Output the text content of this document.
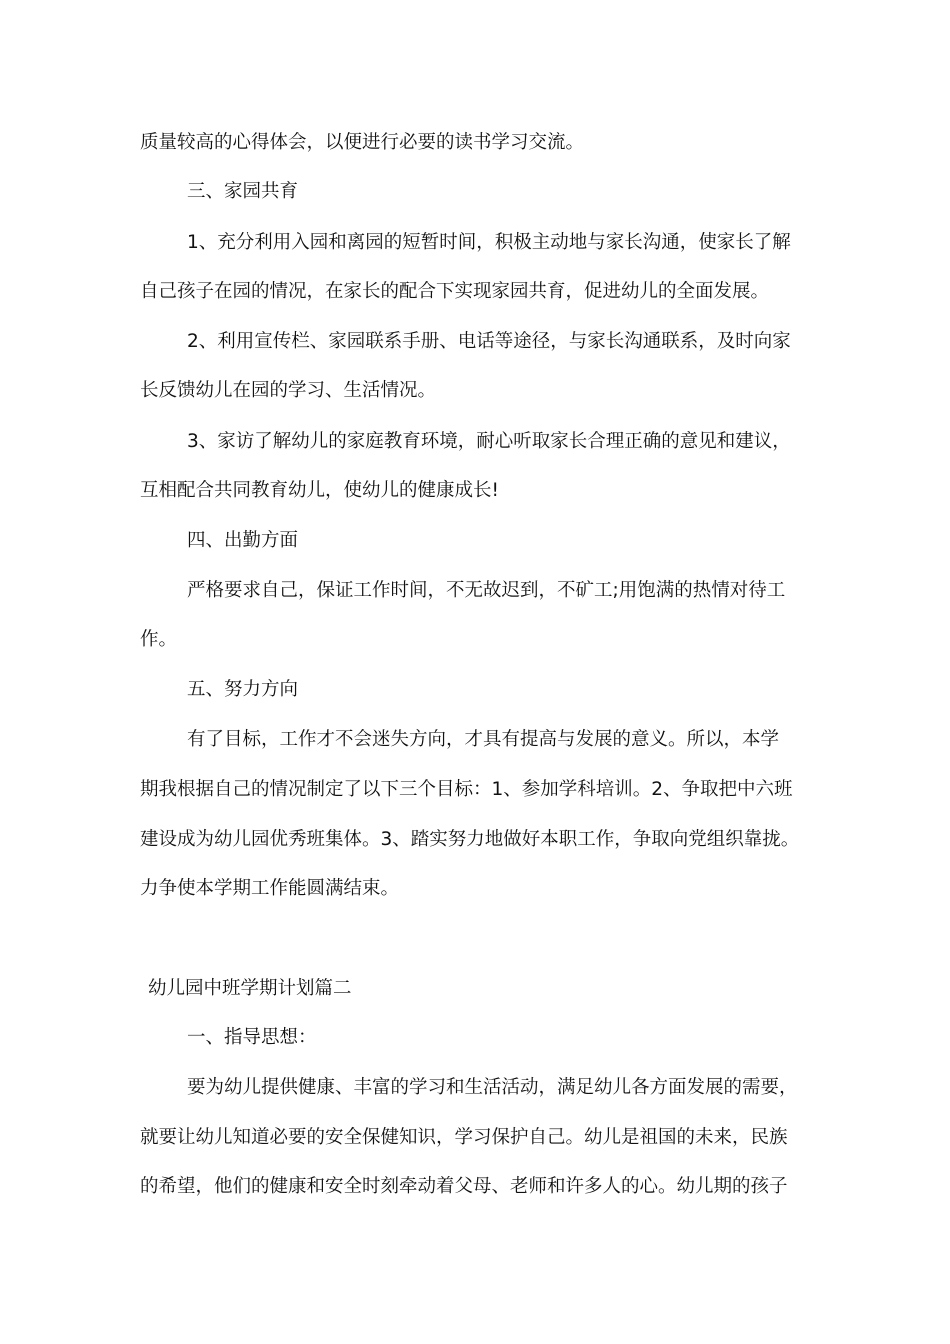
质量较高的心得体会，以便进行必要的读书学习交流。
三、家园共育
1、充分利用入园和离园的短暂时间，积极主动地与家长沟通，使家长了解
自己孩子在园的情况，在家长的配合下实现家园共育，促进幼儿的全面发展。
2、利用宣传栏、家园联系手册、电话等途径，与家长沟通联系，及时向家
长反馈幼儿在园的学习、生活情况。
3、家访了解幼儿的家庭教育环境，耐心听取家长合理正确的意见和建议，
互相配合共同教育幼儿，使幼儿的健康成长!
四、出勤方面
严格要求自己，保证工作时间，不无故迟到，不矿工;用饱满的热情对待工
作。
五、努力方向
有了目标，工作才不会迷失方向，才具有提高与发展的意义。所以，本学
期我根据自己的情况制定了以下三个目标：1、参加学科培训。2、争取把中六班
建设成为幼儿园优秀班集体。3、踏实努力地做好本职工作，争取向党组织靠拢。
力争使本学期工作能圆满结束。
幼儿园中班学期计划篇二
一、指导思想：
要为幼儿提供健康、丰富的学习和生活活动，满足幼儿各方面发展的需要，
就要让幼儿知道必要的安全保健知识，学习保护自己。幼儿是祖国的未来，民族
的希望，他们的健康和安全时刻牵动着父母、老师和许多人的心。幼儿期的孩子
